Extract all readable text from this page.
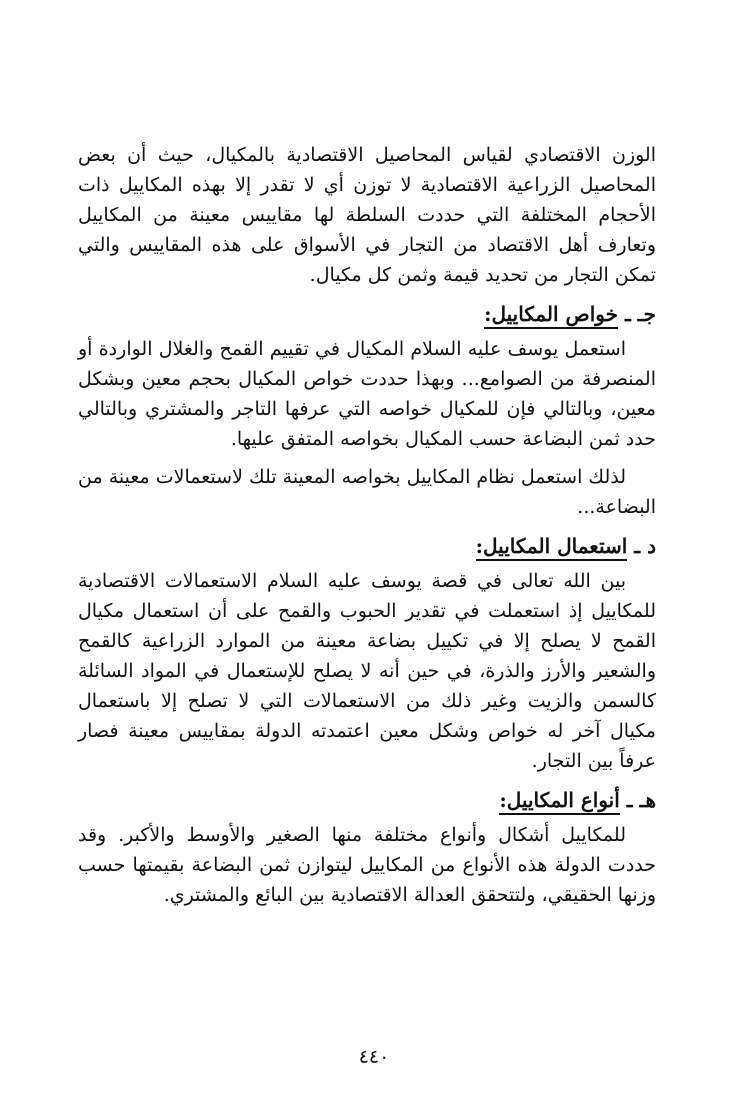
الوزن الاقتصادي لقياس المحاصيل الاقتصادية بالمكيال، حيث أن بعض المحاصيل الزراعية الاقتصادية لا توزن أي لا تقدر إلا بهذه المكاييل ذات الأحجام المختلفة التي حددت السلطة لها مقاييس معينة من المكاييل وتعارف أهل الاقتصاد من التجار في الأسواق على هذه المقاييس والتي تمكن التجار من تحديد قيمة وثمن كل مكيال.

جـ ـ خواص المكاييل:

استعمل يوسف عليه السلام المكيال في تقييم القمح والغلال الواردة أو المنصرفة من الصوامع... وبهذا حددت خواص المكيال بحجم معين وبشكل معين، وبالتالي فإن للمكيال خواصه التي عرفها التاجر والمشتري وبالتالي حدد ثمن البضاعة حسب المكيال بخواصه المتفق عليها.

لذلك استعمل نظام المكاييل بخواصه المعينة تلك لاستعمالات معينة من البضاعة...

د ـ استعمال المكاييل:

بين الله تعالى في قصة يوسف عليه السلام الاستعمالات الاقتصادية للمكاييل إذ استعملت في تقدير الحبوب والقمح على أن استعمال مكيال القمح لا يصلح إلا في تكييل بضاعة معينة من الموارد الزراعية كالقمح والشعير والأرز والذرة، في حين أنه لا يصلح للإستعمال في المواد السائلة كالسمن والزيت وغير ذلك من الاستعمالات التي لا تصلح إلا باستعمال مكيال آخر له خواص وشكل معين اعتمدته الدولة بمقاييس معينة فصار عرفاً بين التجار.

هـ ـ أنواع المكاييل:

للمكاييل أشكال وأنواع مختلفة منها الصغير والأوسط والأكبر. وقد حددت الدولة هذه الأنواع من المكاييل ليتوازن ثمن البضاعة بقيمتها حسب وزنها الحقيقي، ولتتحقق العدالة الاقتصادية بين البائع والمشتري.

٤٤٠
